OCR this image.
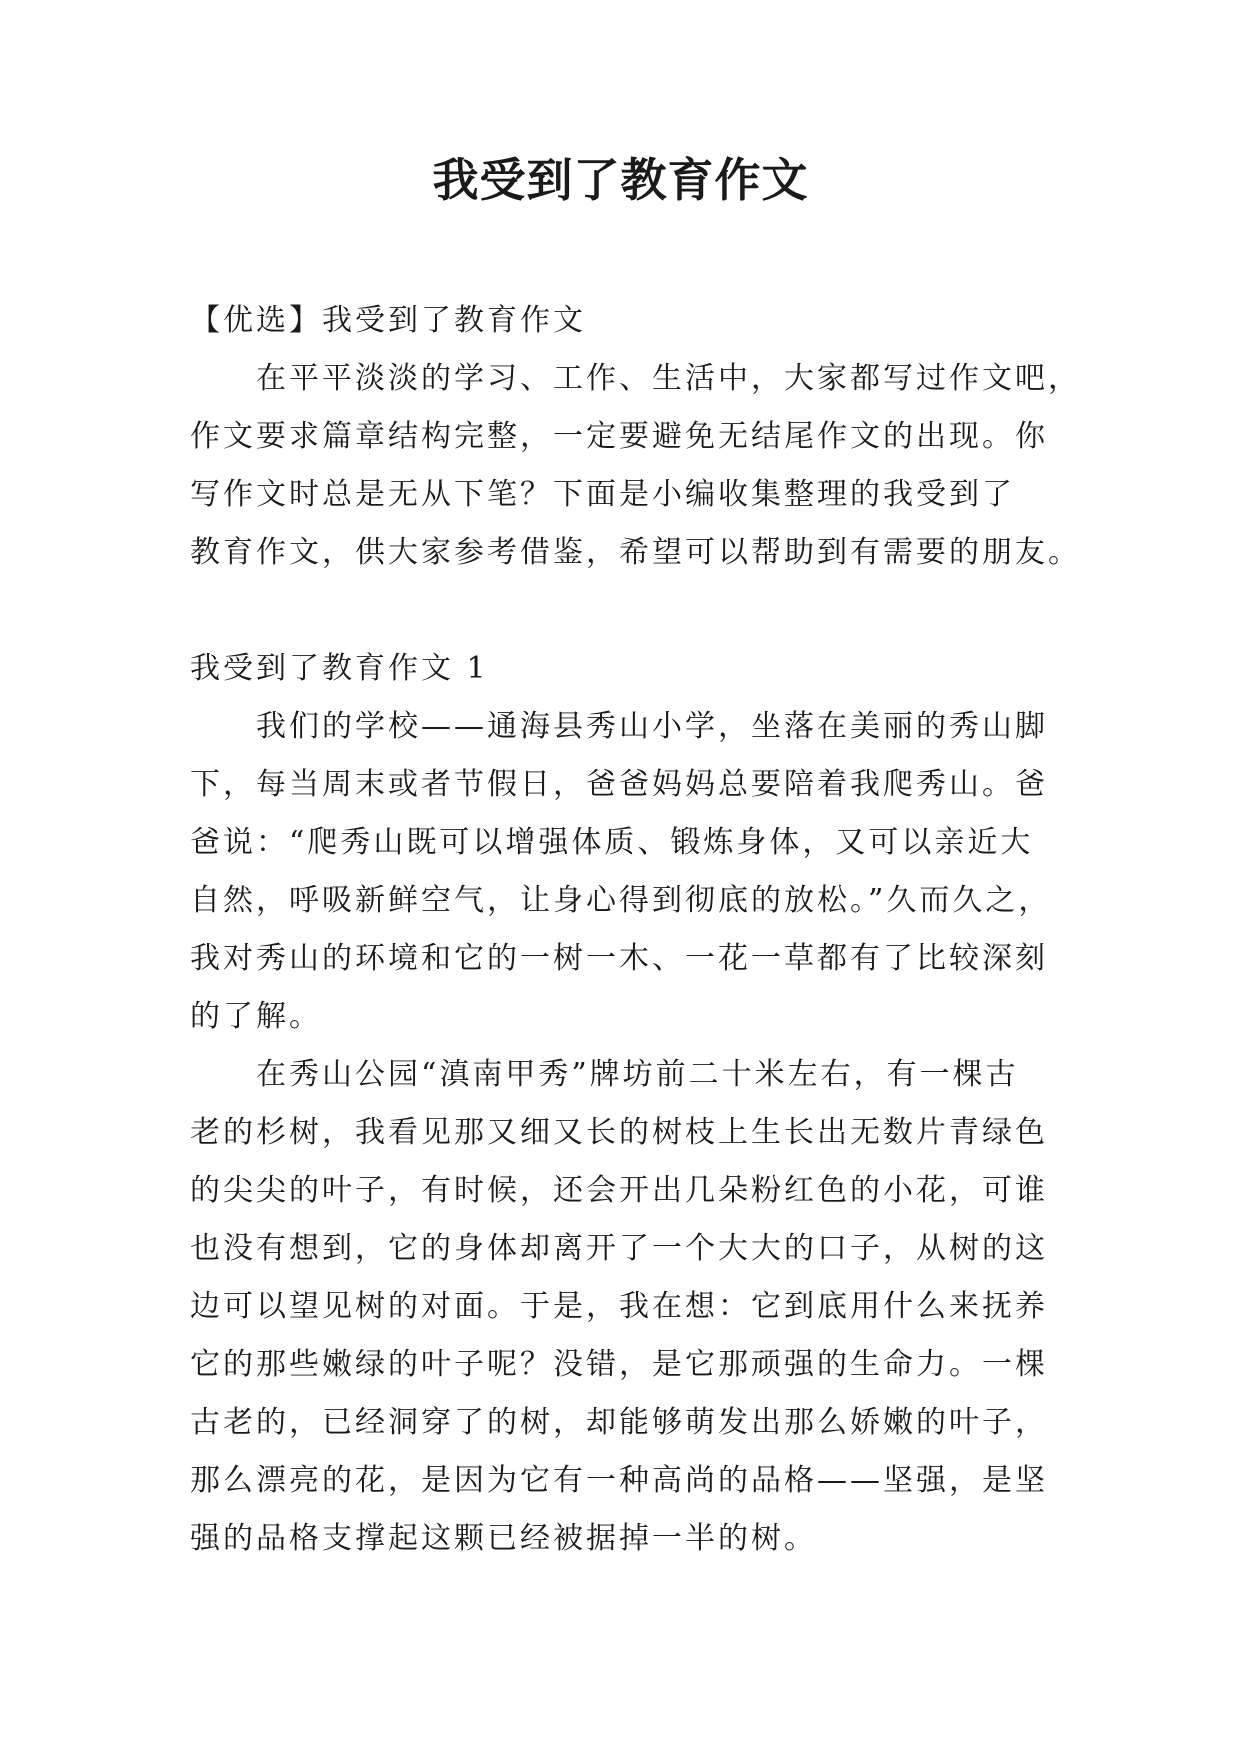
我受到了教育作文

【优选】我受到了教育作文

在平平淡淡的学习、工作、生活中，大家都写过作文吧，

作文要求篇章结构完整，一定要避免无结尾作文的出现。你

写作文时总是无从下笔？下面是小编收集整理的我受到了

教育作文，供大家参考借鉴，希望可以帮助到有需要的朋友。

我受到了教育作文 1

我们的学校——通海县秀山小学，坐落在美丽的秀山脚

下，每当周末或者节假日，爸爸妈妈总要陪着我爬秀山。爸

爸说：“爬秀山既可以增强体质、锻炼身体，又可以亲近大

自然，呼吸新鲜空气，让身心得到彻底的放松。”久而久之，

我对秀山的环境和它的一树一木、一花一草都有了比较深刻

的了解。

在秀山公园“滇南甲秀”牌坊前二十米左右，有一棵古

老的杉树，我看见那又细又长的树枝上生长出无数片青绿色

的尖尖的叶子，有时候，还会开出几朵粉红色的小花，可谁

也没有想到，它的身体却离开了一个大大的口子，从树的这

边可以望见树的对面。于是，我在想：它到底用什么来抚养

它的那些嫩绿的叶子呢？没错，是它那顽强的生命力。一棵

古老的，已经洞穿了的树，却能够萌发出那么娇嫩的叶子，

那么漂亮的花，是因为它有一种高尚的品格——坚强，是坚

强的品格支撑起这颗已经被据掉一半的树。
